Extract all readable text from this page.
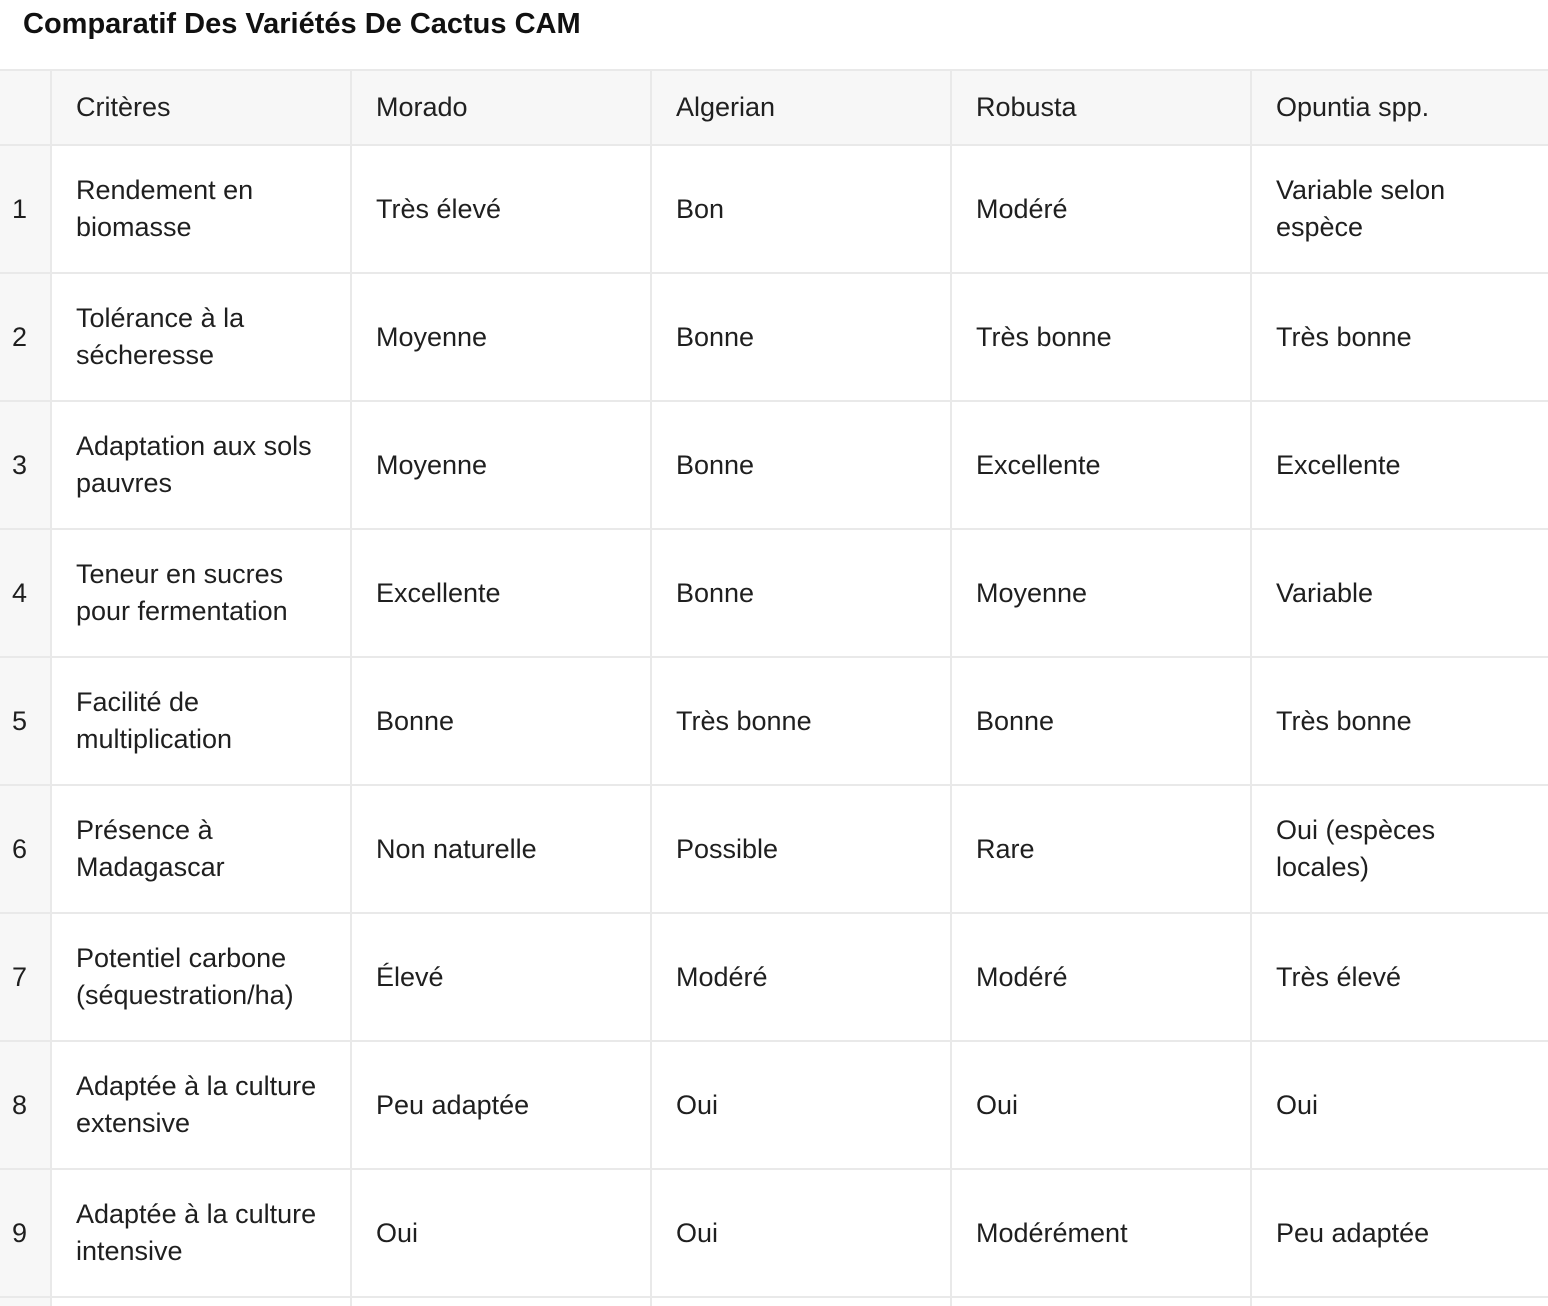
Comparatif Des Variétés De Cactus CAM
	Critères	Morado	Algerian	Robusta	Opuntia spp.
1	Rendement en biomasse	Très élevé	Bon	Modéré	Variable selon espèce
2	Tolérance à la sécheresse	Moyenne	Bonne	Très bonne	Très bonne
3	Adaptation aux sols pauvres	Moyenne	Bonne	Excellente	Excellente
4	Teneur en sucres pour fermentation	Excellente	Bonne	Moyenne	Variable
5	Facilité de multiplication	Bonne	Très bonne	Bonne	Très bonne
6	Présence à Madagascar	Non naturelle	Possible	Rare	Oui (espèces locales)
7	Potentiel carbone (séquestration/ha)	Élevé	Modéré	Modéré	Très élevé
8	Adaptée à la culture extensive	Peu adaptée	Oui	Oui	Oui
9	Adaptée à la culture intensive	Oui	Oui	Modérément	Peu adaptée
